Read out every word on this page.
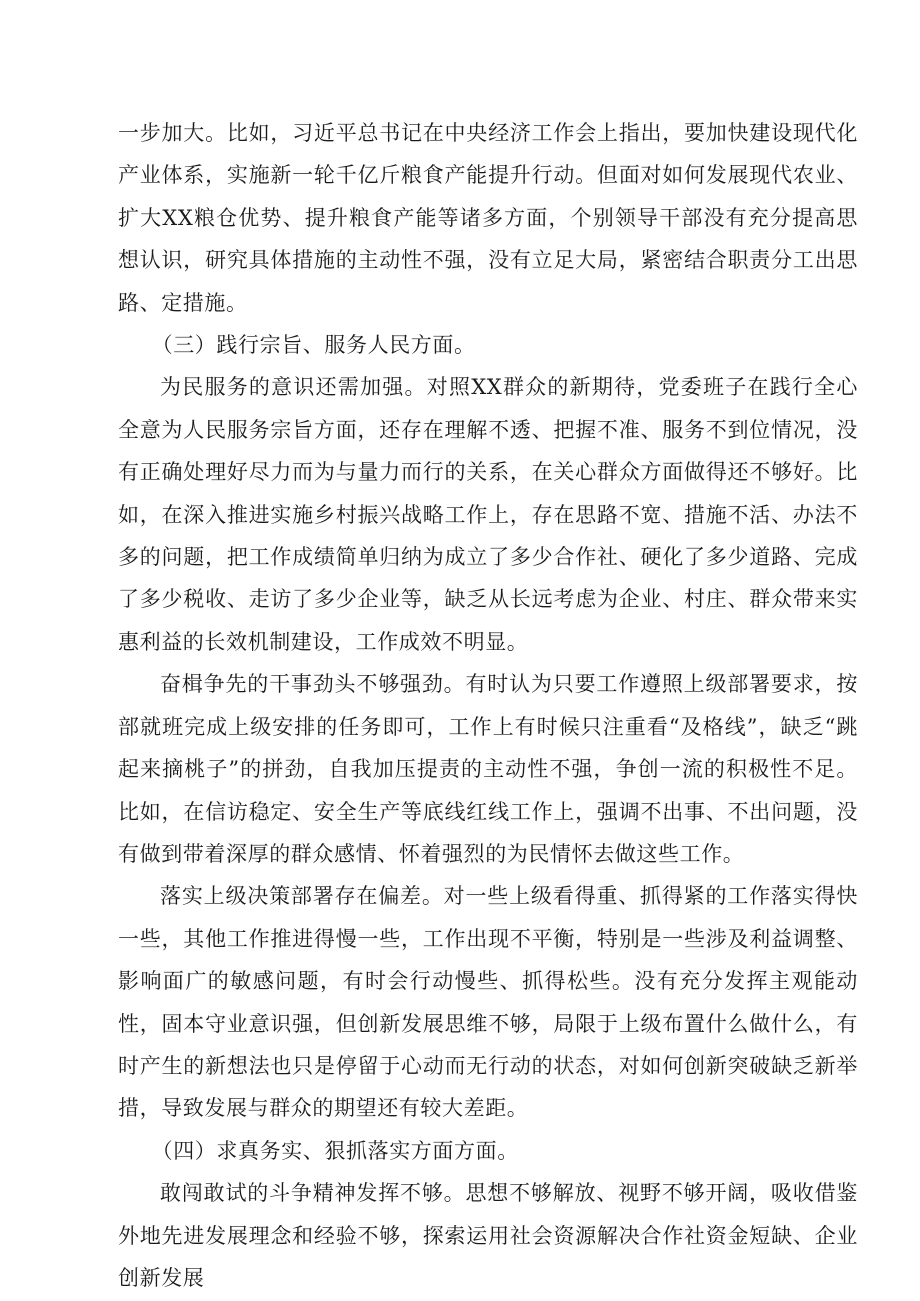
一步加大。比如，习近平总书记在中央经济工作会上指出，要加快建设现代化产业体系，实施新一轮千亿斤粮食产能提升行动。但面对如何发展现代农业、扩大XX粮仓优势、提升粮食产能等诸多方面，个别领导干部没有充分提高思想认识，研究具体措施的主动性不强，没有立足大局，紧密结合职责分工出思路、定措施。

（三）践行宗旨、服务人民方面。

为民服务的意识还需加强。对照XX群众的新期待，党委班子在践行全心全意为人民服务宗旨方面，还存在理解不透、把握不准、服务不到位情况，没有正确处理好尽力而为与量力而行的关系，在关心群众方面做得还不够好。比如，在深入推进实施乡村振兴战略工作上，存在思路不宽、措施不活、办法不多的问题，把工作成绩简单归纳为成立了多少合作社、硬化了多少道路、完成了多少税收、走访了多少企业等，缺乏从长远考虑为企业、村庄、群众带来实惠利益的长效机制建设，工作成效不明显。

奋楫争先的干事劲头不够强劲。有时认为只要工作遵照上级部署要求，按部就班完成上级安排的任务即可，工作上有时候只注重看“及格线”，缺乏“跳起来摘桃子”的拼劲，自我加压提责的主动性不强，争创一流的积极性不足。比如，在信访稳定、安全生产等底线红线工作上，强调不出事、不出问题，没有做到带着深厚的群众感情、怀着强烈的为民情怀去做这些工作。

落实上级决策部署存在偏差。对一些上级看得重、抓得紧的工作落实得快一些，其他工作推进得慢一些，工作出现不平衡，特别是一些涉及利益调整、影响面广的敏感问题，有时会行动慢些、抓得松些。没有充分发挥主观能动性，固本守业意识强，但创新发展思维不够，局限于上级布置什么做什么，有时产生的新想法也只是停留于心动而无行动的状态，对如何创新突破缺乏新举措，导致发展与群众的期望还有较大差距。

（四）求真务实、狠抓落实方面方面。

敢闯敢试的斗争精神发挥不够。思想不够解放、视野不够开阔，吸收借鉴外地先进发展理念和经验不够，探索运用社会资源解决合作社资金短缺、企业创新发展
